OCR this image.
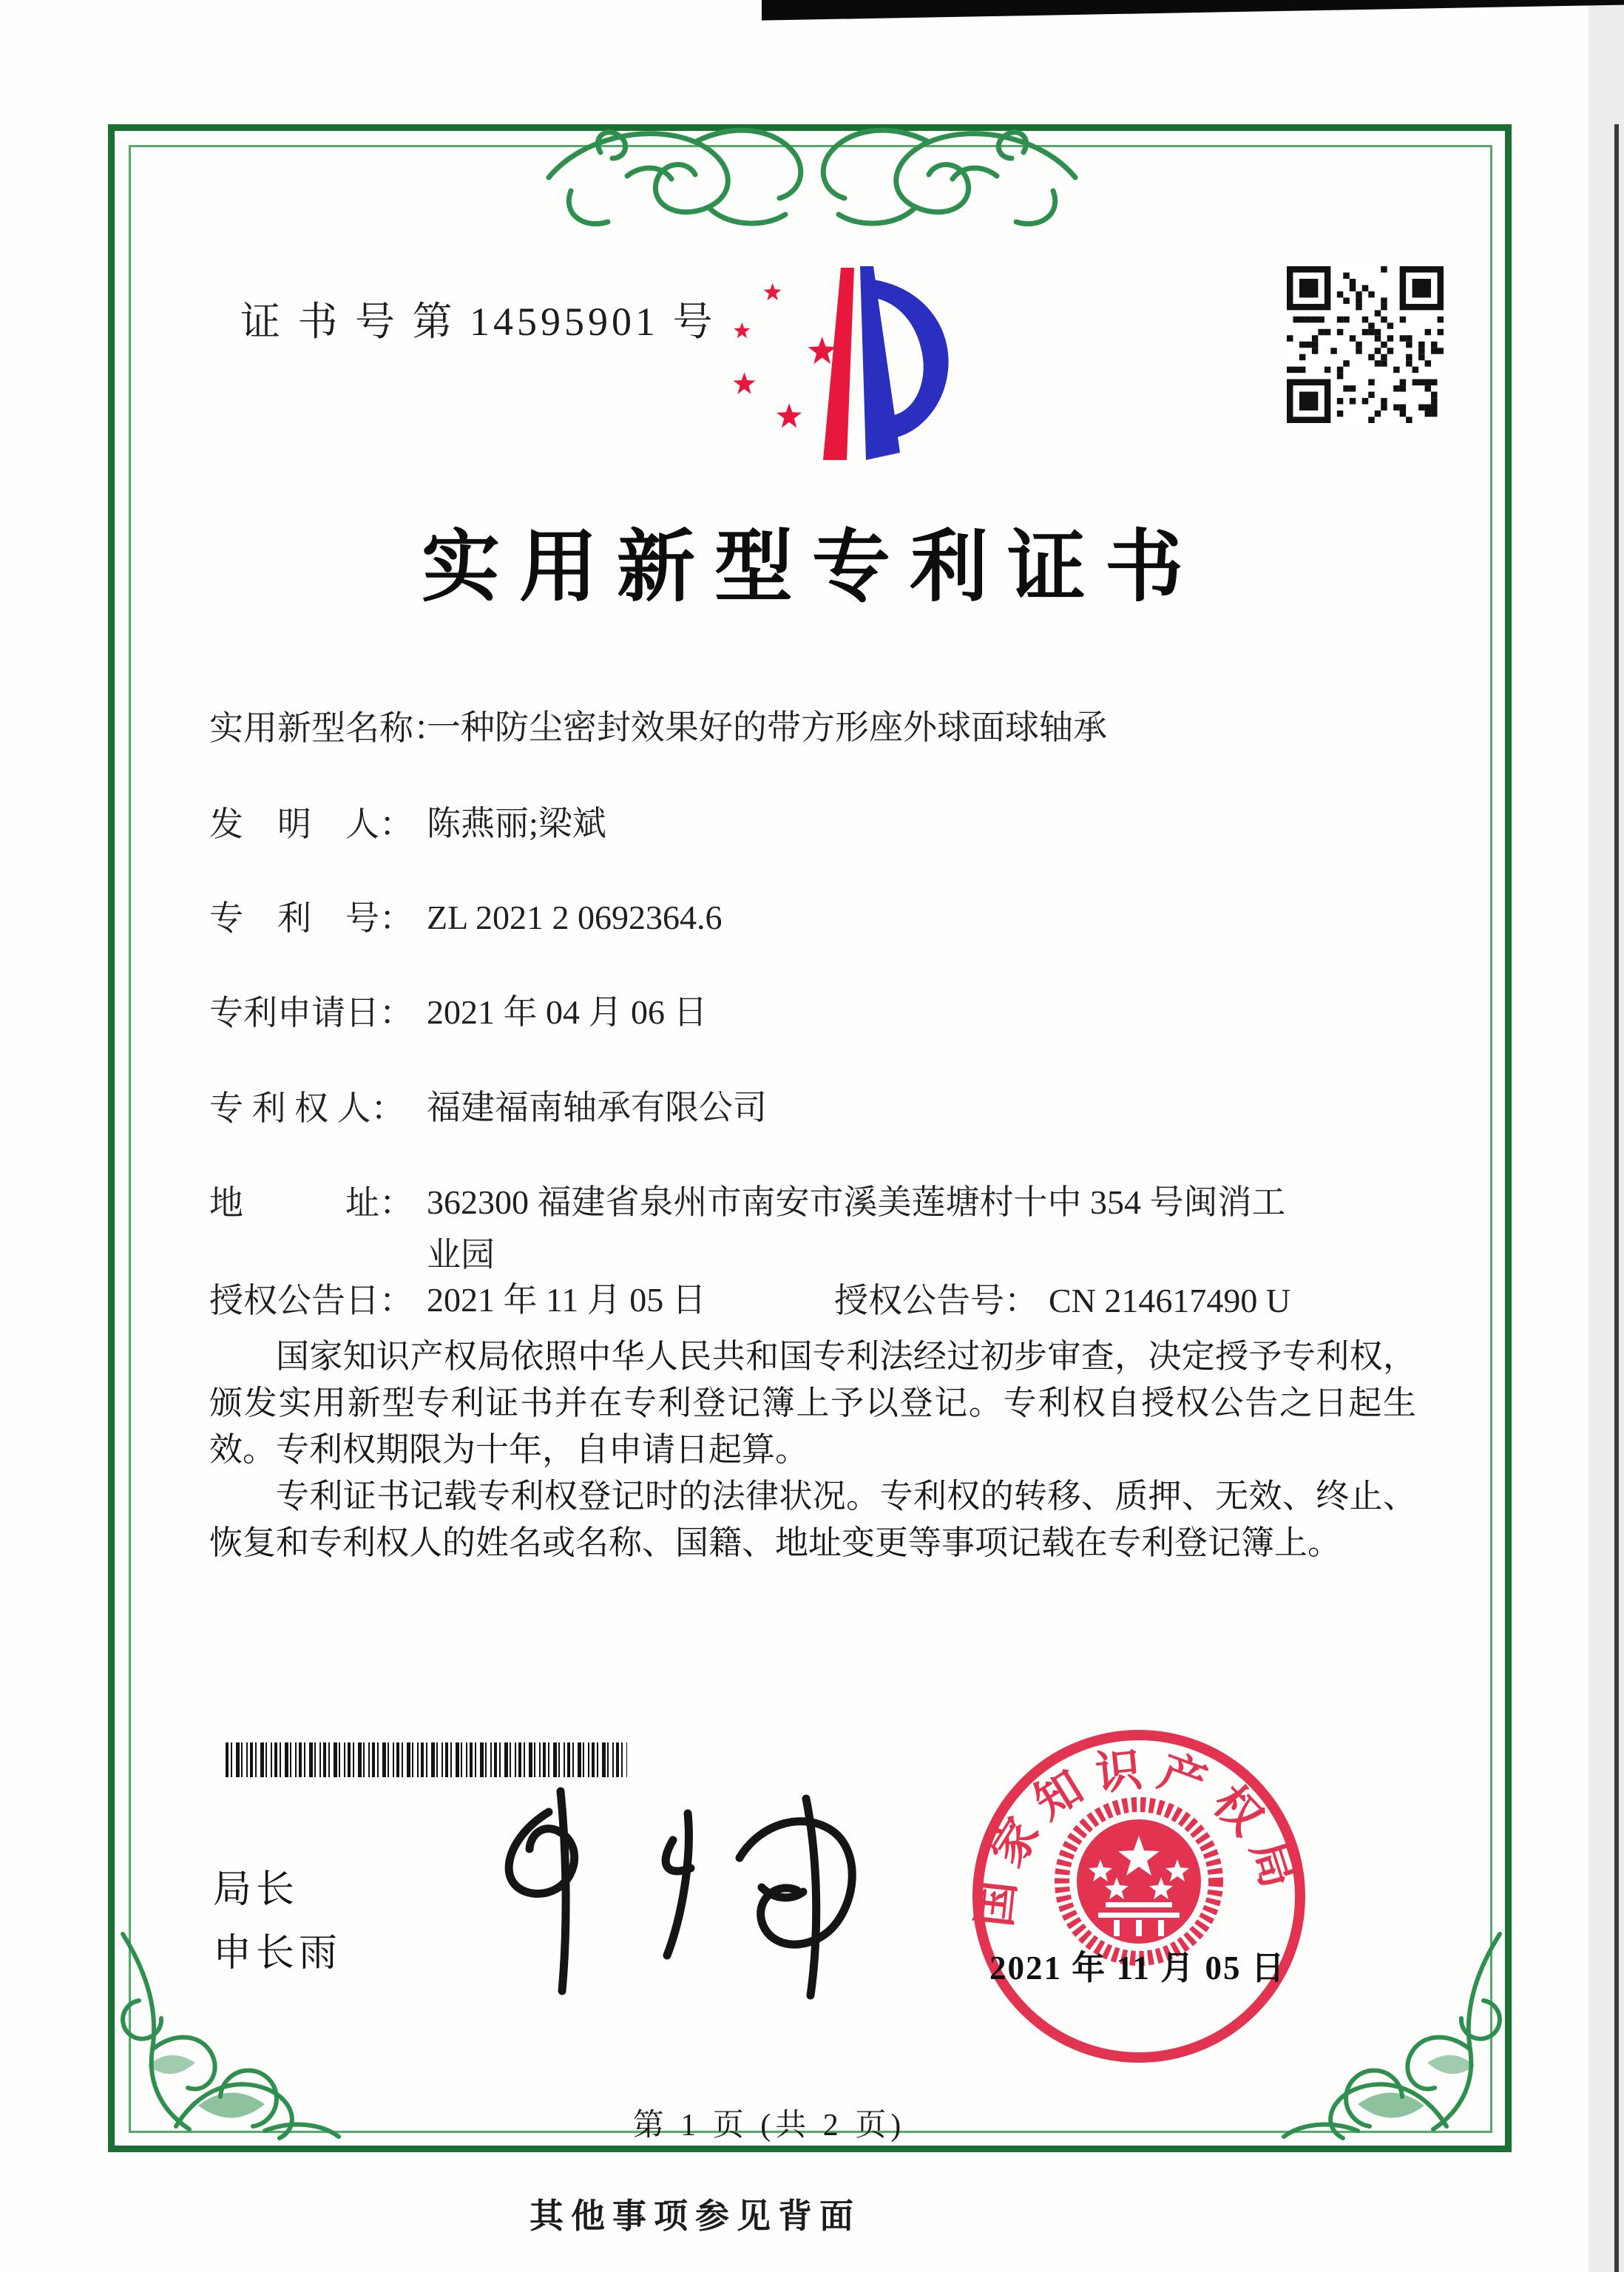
证 书 号 第 14595901 号
实用新型专利证书
实用新型名称：
一种防尘密封效果好的带方形座外球面球轴承
发　明　人： 陈燕丽;梁斌
专　利　号： ZL 2021 2 0692364.6
专利申请日： 2021 年 04 月 06 日
专 利 权 人： 福建福南轴承有限公司
地　　　址： 362300 福建省泉州市南安市溪美莲塘村十中 354 号闽消工业园
授权公告日： 2021 年 11 月 05 日	授权公告号： CN 214617490 U

国家知识产权局依照中华人民共和国专利法经过初步审查，决定授予专利权，颁发实用新型专利证书并在专利登记簿上予以登记。专利权自授权公告之日起生效。专利权期限为十年，自申请日起算。

专利证书记载专利权登记时的法律状况。专利权的转移、质押、无效、终止、恢复和专利权人的姓名或名称、国籍、地址变更等事项记载在专利登记簿上。

局长
申长雨
国家知识产权局
2021 年 11 月 05 日
第 1 页 (共 2 页)
其他事项参见背面
